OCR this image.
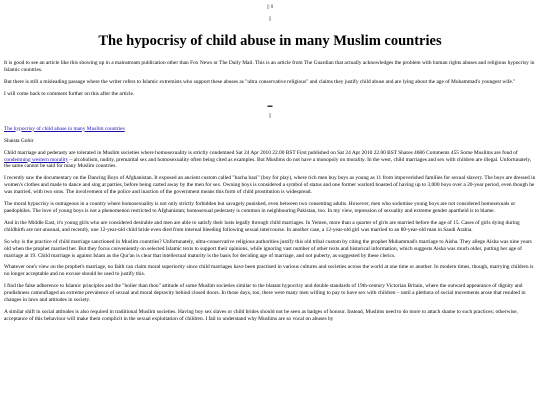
▯ 0
▯
The hypocrisy of child abuse in many Muslim countries

It is good to see an article like this showing up in a mainstream publication other than Fox News or The Daily Mail. This is an article from The Guardian that actually acknowledges the problem with human rights abuses and religious hypocrisy in Islamic countries.

But there is still a misleading passage where the writer refers to Islamic extremists who support these abuses as "ultra conservative religious" and claims they justify child abuse and are lying about the age of Muhammad's youngest wife."

I will come back to comment further on this after the article.

▬
▯
The hypocrisy of child abuse in many Muslim countries
Shaista Gohir

Child marriage and pederasty are tolerated in Muslim societies where homosexuality is strictly condemned Sat 24 Apr 2010 22.00 BST First published on Sat 24 Apr 2010 22.00 BST Shares 4686 Comments 455 Some Muslims are fond of condemning western morality – alcoholism, nudity, premarital sex and homosexuality often being cited as examples. But Muslims do not have a monopoly on morality. In the west, child marriages and sex with children are illegal. Unfortunately, the same cannot be said for many Muslim countries.

I recently saw the documentary on the Dancing Boys of Afghanistan. It exposed an ancient custom called "bacha bazi" (boy for play), where rich men buy boys as young as 11 from impoverished families for sexual slavery. The boys are dressed in women's clothes and made to dance and sing at parties, before being carted away by the men for sex. Owning boys is considered a symbol of status and one former warlord boasted of having up to 3,000 boys over a 20-year period, even though he was married, with two sons. The involvement of the police and inaction of the government means this form of child prostitution is widespread.

The moral hypocrisy is outrageous in a country where homosexuality is not only strictly forbidden but savagely punished, even between two consenting adults. However, men who sodomise young boys are not considered homosexuals or paedophiles. The love of young boys is not a phenomenon restricted to Afghanistan; homosexual pederasty is common in neighbouring Pakistan, too. In my view, repression of sexuality and extreme gender apartheid is to blame.

And in the Middle East, it's young girls who are considered desirable and men are able to satisfy their lusts legally through child marriages. In Yemen, more than a quarter of girls are married before the age of 15. Cases of girls dying during childbirth are not unusual, and recently, one 12-year-old child bride even died from internal bleeding following sexual intercourse. In another case, a 12-year-old girl was married to an 80-year-old man in Saudi Arabia.

So why is the practice of child marriage sanctioned in Muslim countries? Unfortunately, ultra-conservative religious authorities justify this old tribal custom by citing the prophet Muhammad's marriage to Aisha. They allege Aisha was nine years old when the prophet married her. But they focus conveniently on selected Islamic texts to support their opinions, while ignoring vast number of other texts and historical information, which suggests Aisha was much older, putting her age of marriage at 19. Child marriage is against Islam as the Qur'an is clear that intellectual maturity is the basis for deciding age of marriage, and not puberty, as suggested by these clerics.

Whatever one's view on the prophet's marriage, no faith can claim moral superiority since child marriages have been practised in various cultures and societies across the world at one time or another. In modern times, though, marrying children is no longer acceptable and no excuse should be used to justify this.

I find the false adherence to Islamic principles and the "holier than thou" attitude of some Muslim societies similar to the blatant hypocrisy and double standards of 19th-century Victorian Britain, where the outward appearance of dignity and prudishness camouflaged an extreme prevalence of sexual and moral depravity behind closed doors. In those days, too, there were many men willing to pay to have sex with children – until a plethora of social movements arose that resulted in changes in laws and attitudes in society.

A similar shift in social attitudes is also required in traditional Muslim societies. Having boy sex slaves or child brides should not be seen as badges of honour. Instead, Muslims need to do more to attach shame to such practices; otherwise, acceptance of this behaviour will make them complicit in the sexual exploitation of children. I fail to understand why Muslims are so vocal on abuses by
